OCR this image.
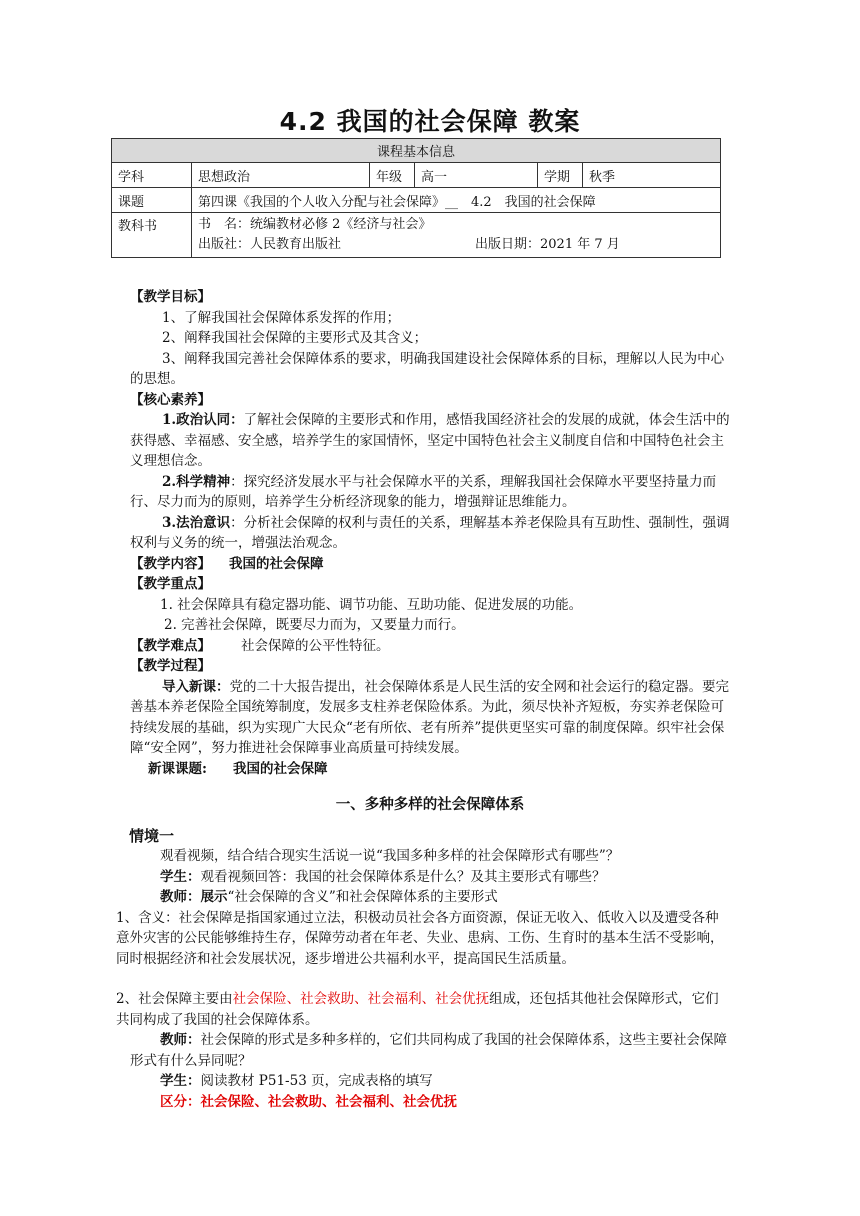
4.2 我国的社会保障 教案
课程基本信息					
学科	思想政治	年级	高一	学期	秋季
课题	第四课《我国的个人收入分配与社会保障》__　4.2　我国的社会保障				
教科书	书　名：统编教材必修 2《经济与社会》
出版社：人民教育出版社 出版日期：2021 年 7 月				

【教学目标】

1、了解我国社会保障体系发挥的作用；

2、阐释我国社会保障的主要形式及其含义；

3、阐释我国完善社会保障体系的要求，明确我国建设社会保障体系的目标，理解以人民为中心的思想。

【核心素养】

1.政治认同：了解社会保障的主要形式和作用，感悟我国经济社会的发展的成就，体会生活中的获得感、幸福感、安全感，培养学生的家国情怀，坚定中国特色社会主义制度自信和中国特色社会主义理想信念。

2.科学精神：探究经济发展水平与社会保障水平的关系，理解我国社会保障水平要坚持量力而行、尽力而为的原则，培养学生分析经济现象的能力，增强辩证思维能力。

3.法治意识：分析社会保障的权利与责任的关系，理解基本养老保险具有互助性、强制性，强调权利与义务的统一，增强法治观念。

【教学内容】 我国的社会保障

【教学重点】

1. 社会保障具有稳定器功能、调节功能、互助功能、促进发展的功能。

2. 完善社会保障，既要尽力而为，又要量力而行。

【教学难点】 社会保障的公平性特征。

【教学过程】

导入新课：党的二十大报告提出，社会保障体系是人民生活的安全网和社会运行的稳定器。要完善基本养老保险全国统筹制度，发展多支柱养老保险体系。为此，须尽快补齐短板，夯实养老保险可持续发展的基础，织为实现广大民众“老有所依、老有所养”提供更坚实可靠的制度保障。织牢社会保障“安全网”，努力推进社会保障事业高质量可持续发展。

新课课题: 我国的社会保障

一、多种多样的社会保障体系

情境一

观看视频，结合结合现实生活说一说“我国多种多样的社会保障形式有哪些”？

学生：观看视频回答：我国的社会保障体系是什么？及其主要形式有哪些？

教师：展示“社会保障的含义”和社会保障体系的主要形式

1、含义：社会保障是指国家通过立法，积极动员社会各方面资源，保证无收入、低收入以及遭受各种意外灾害的公民能够维持生存，保障劳动者在年老、失业、患病、工伤、生育时的基本生活不受影响，同时根据经济和社会发展状况，逐步增进公共福利水平，提高国民生活质量。

2、社会保障主要由社会保险、社会救助、社会福利、社会优抚组成，还包括其他社会保障形式，它们共同构成了我国的社会保障体系。

教师：社会保障的形式是多种多样的，它们共同构成了我国的社会保障体系，这些主要社会保障形式有什么异同呢？

学生：阅读教材 P51-53 页，完成表格的填写

区分：社会保险、社会救助、社会福利、社会优抚
